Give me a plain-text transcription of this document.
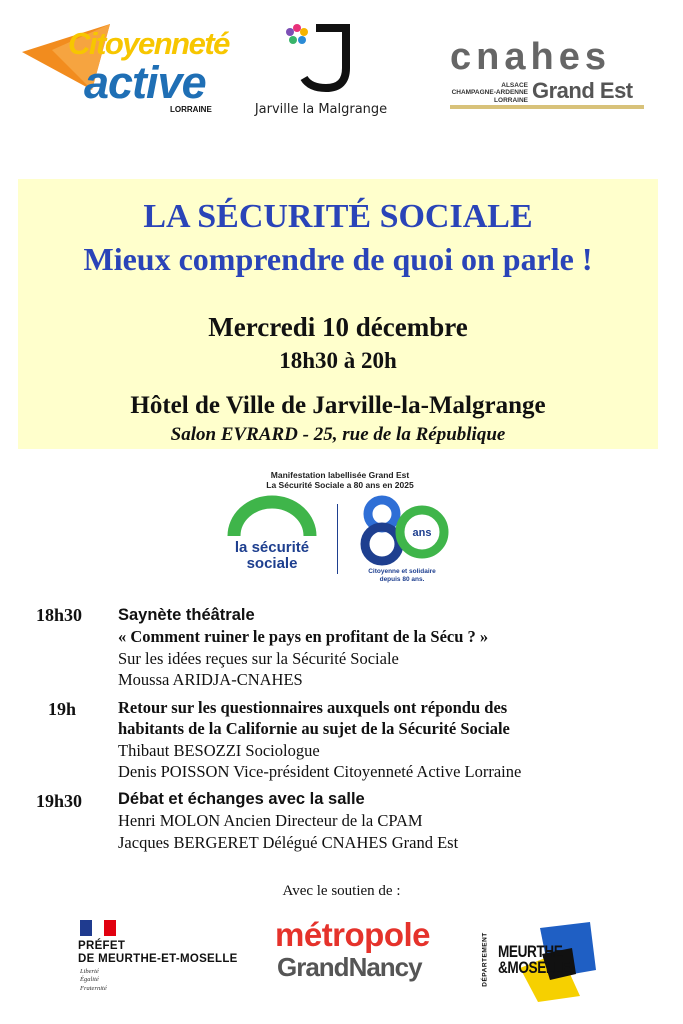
Citoyenneté
active
LORRAINE	Jarville la Malgrange
cnahes
ALSACE
CHAMPAGNE-ARDENNE
LORRAINE Grand Est
LA SÉCURITÉ SOCIALE
Mieux comprendre de quoi on parle !
Mercredi 10 décembre
18h30 à 20h
Hôtel de Ville de Jarville-la-Malgrange
Salon EVRARD - 25, rue de la République
Manifestation labellisée Grand Est
La Sécurité Sociale a 80 ans en 2025
la sécurité
sociale
ans
Citoyenne et solidaire
depuis 80 ans.
18h30 Saynète théâtrale
« Comment ruiner le pays en profitant de la Sécu ? »
Sur les idées reçues sur la Sécurité Sociale
Moussa ARIDJA-CNAHES
19h	Retour sur les questionnaires auxquels ont répondu des
habitants de la Californie au sujet de la Sécurité Sociale
Thibaut BESOZZI Sociologue
Denis POISSON Vice-président Citoyenneté Active Lorraine
19h30 Débat et échanges avec la salle
Henri MOLON Ancien Directeur de la CPAM
Jacques BERGERET Délégué CNAHES Grand Est
Avec le soutien de :
PRÉFET
DE MEURTHE-ET-MOSELLE
Liberté
Égalité
Fraternité
métropole
GrandNancy	DÉPARTEMENT MEURTHE
&MOSELLE
